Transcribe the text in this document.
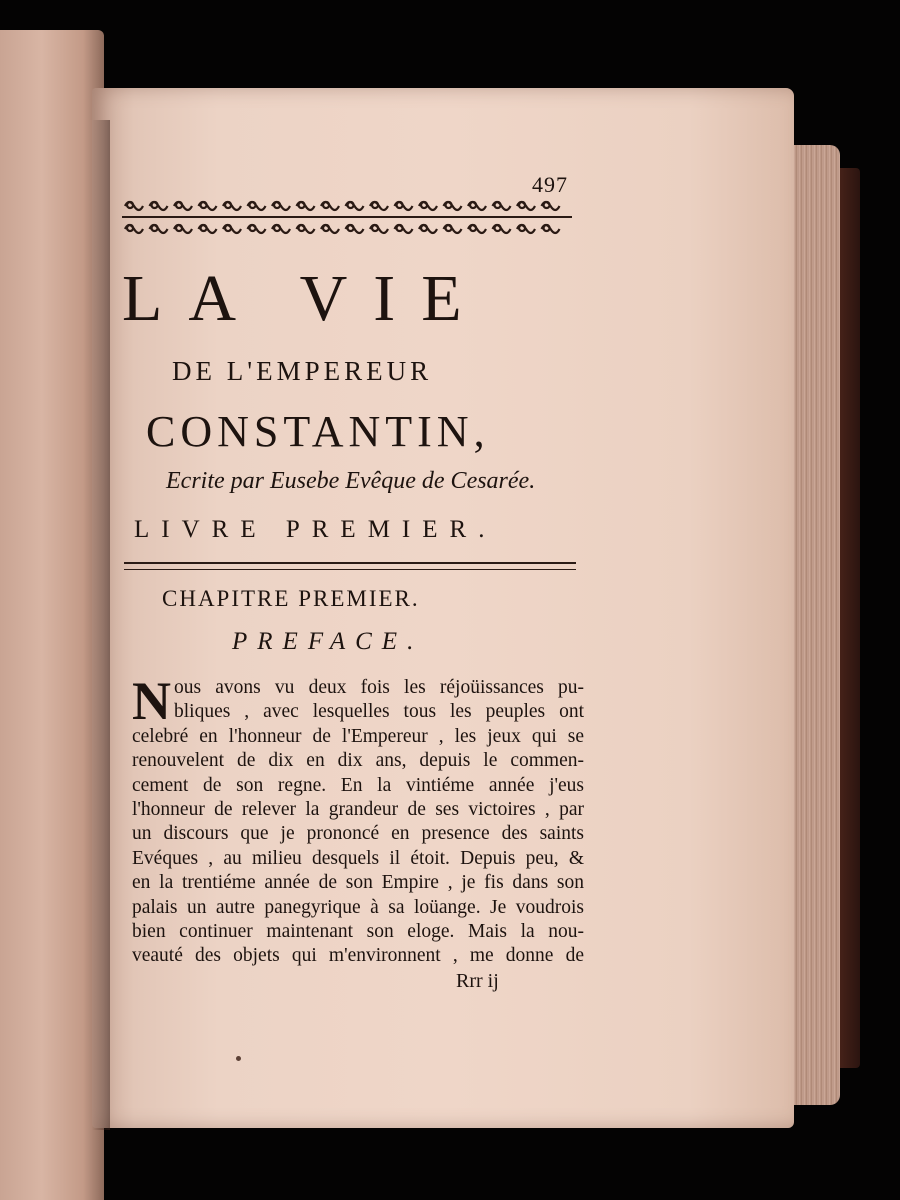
497
LA VIE
DE L'EMPEREUR
CONSTANTIN,
Ecrite par Eusebe Evêque de Cesarée.
LIVRE PREMIER.
CHAPITRE PREMIER.
PREFACE.
N ous avons vu deux fois les réjoüissances pu-
bliques , avec lesquelles tous les peuples ont
celebré en l'honneur de l'Empereur , les jeux qui se
renouvelent de dix en dix ans, depuis le commen-
cement de son regne. En la vintiéme année j'eus
l'honneur de relever la grandeur de ses victoires , par
un discours que je prononcé en presence des saints
Evéques , au milieu desquels il étoit. Depuis peu, &
en la trentiéme année de son Empire , je fis dans son
palais un autre panegyrique à sa loüange. Je voudrois
bien continuer maintenant son eloge. Mais la nou-
veauté des objets qui m'environnent , me donne de
Rrr ij
